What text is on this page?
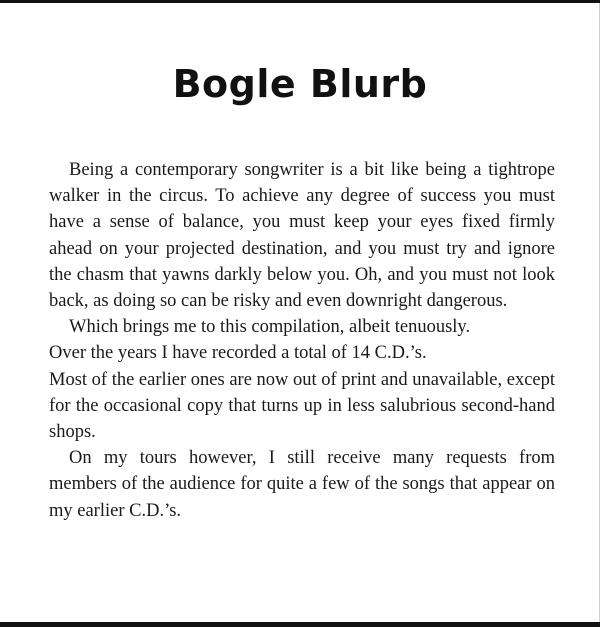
Bogle Blurb

Being a contemporary songwriter is a bit like being a tightrope walker in the circus. To achieve any degree of success you must have a sense of balance, you must keep your eyes fixed firmly ahead on your projected destination, and you must try and ignore the chasm that yawns darkly below you. Oh, and you must not look back, as doing so can be risky and even downright dangerous.

Which brings me to this compilation, albeit tenuously.

Over the years I have recorded a total of 14 C.D.’s.

Most of the earlier ones are now out of print and unavailable, except for the occasional copy that turns up in less salubrious second-hand shops.

On my tours however, I still receive many requests from members of the audience for quite a few of the songs that appear on my earlier C.D.’s.
